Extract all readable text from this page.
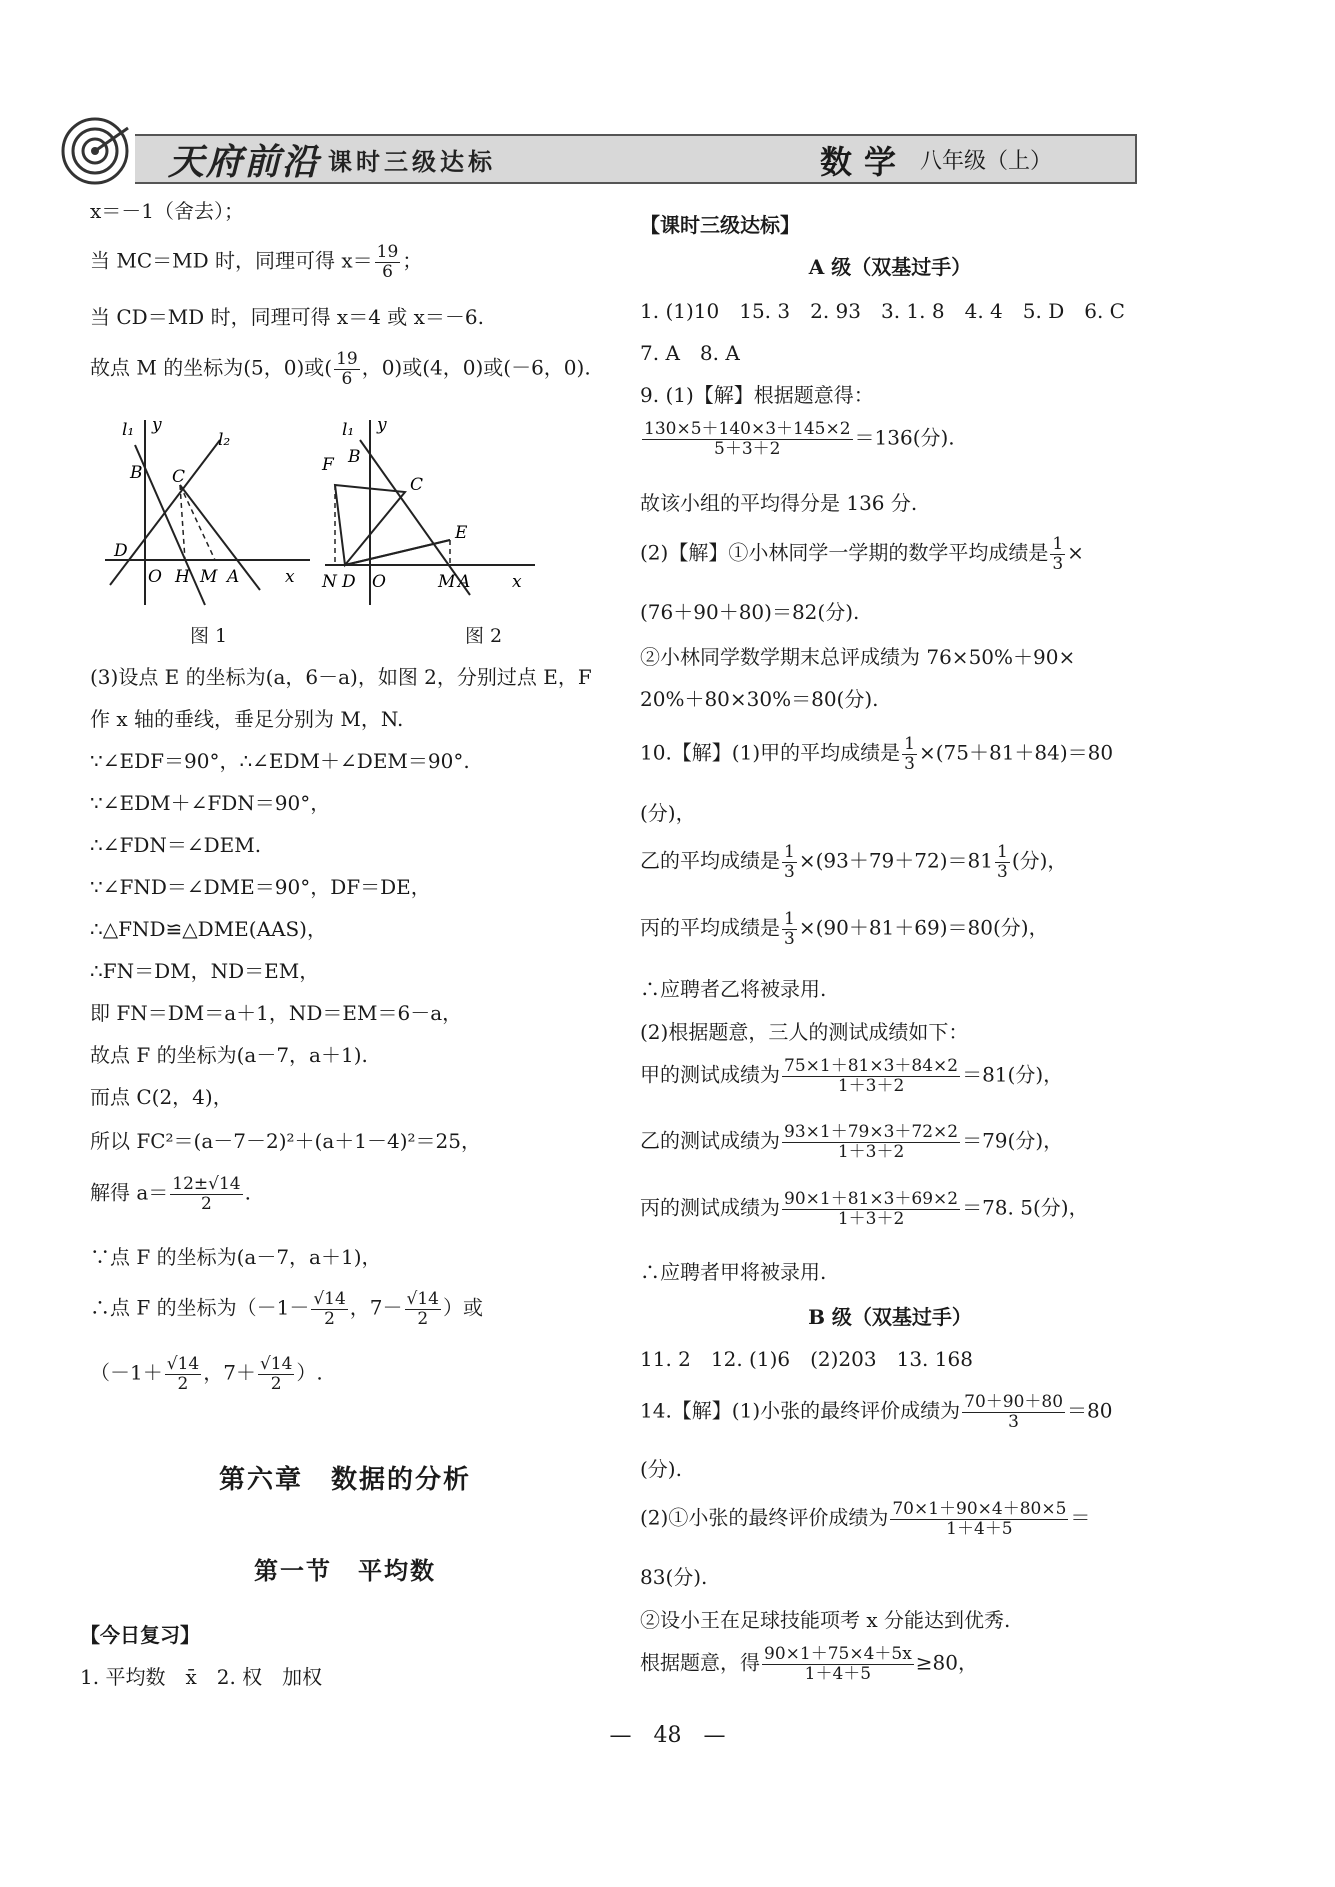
天府前沿 课时三级达标	数学 八年级（上）
x＝－1（舍去）；
当 MC＝MD 时，同理可得 $x= \frac{19}{6}$ ；
当 CD＝MD 时，同理可得 x＝4 或 x＝－6.
故点 M 的坐标为(5，0)或( $\frac{19}{6}$ ，0)或(4，0)或(－6，0).
l₁ y
l₂
B C
D
O H M A	x
图 1
l₁ y
F B
C
E
N D O	M A x
图 2
(3)设点 E 的坐标为(a，6－a)，如图 2，分别过点 E，F
作 x 轴的垂线，垂足分别为 M，N.
∵∠EDF＝90°，∴∠EDM＋∠DEM＝90°.
∵∠EDM＋∠FDN＝90°，
∴∠FDN＝∠DEM.
∵∠FND＝∠DME＝90°，DF＝DE，
∴△FND≌△DME(AAS)，
∴FN＝DM，ND＝EM，
即 FN＝DM＝a＋1，ND＝EM＝6－a，
故点 F 的坐标为(a－7，a＋1).
而点 C(2，4)，
所以 FC²＝(a－7－2)²＋(a＋1－4)²＝25，
解得 $a= \frac{12\pm√14}{2}$ .
∵点 F 的坐标为(a－7，a＋1)，
∴点 F 的坐标为（$-1- \frac{√14}{2}$ ，$7- \frac{√14}{2}$ ）或
（$-1+ \frac{√14}{2}$ ，$7+ \frac{√14}{2}$ ）.
第六章　数据的分析
第一节　平均数
【今日复习】
1. 平均数　x̄　2. 权　加权
【课时三级达标】
A 级（双基过手）
1. (1)10　15. 3　2. 93　3. 1. 8　4. 4　5. D　6. C
7. A　8. A
9. (1)【解】根据题意得：
$\frac{130\times 5+140\times 3+145\times 2}{5+3+2} =136$(分).
故该小组的平均得分是 136 分.
(2)【解】①小林同学一学期的数学平均成绩是 $\frac{1}{3}$ ×
(76＋90＋80)＝82(分).
②小林同学数学期末总评成绩为 76×50%＋90×
20%＋80×30%＝80(分).
10.【解】(1)甲的平均成绩是 $\frac{1}{3} \times(75+81+84)=80$
(分)，
乙的平均成绩是 $\frac{1}{3} \times(93+79+72)=81 \frac{1}{3}$ (分)，
丙的平均成绩是 $\frac{1}{3} \times(90+81+69)=80$(分)，
∴应聘者乙将被录用.
(2)根据题意，三人的测试成绩如下：
甲的测试成绩为 $\frac{75\times 1+81\times 3+84\times 2}{1+3+2} =81$(分)，
乙的测试成绩为 $\frac{93\times 1+79\times 3+72\times 2}{1+3+2} =79$(分)，
丙的测试成绩为 $\frac{90\times 1+81\times 3+69\times 2}{1+3+2} =78$. 5(分)，
∴应聘者甲将被录用.
B 级（双基过手）
11. 2　12. (1)6　(2)203　13. 168
14.【解】(1)小张的最终评价成绩为 $\frac{70+90+80}{3} =80$
(分).
(2)①小张的最终评价成绩为 $\frac{70\times 1+90\times 4+80\times 5}{1+4+5}$ ＝
83(分).
②设小王在足球技能项考 x 分能达到优秀.
根据题意，得 $\frac{90\times 1+75\times 4+5x}{1+4+5} \ge 80$，
—　48　—
